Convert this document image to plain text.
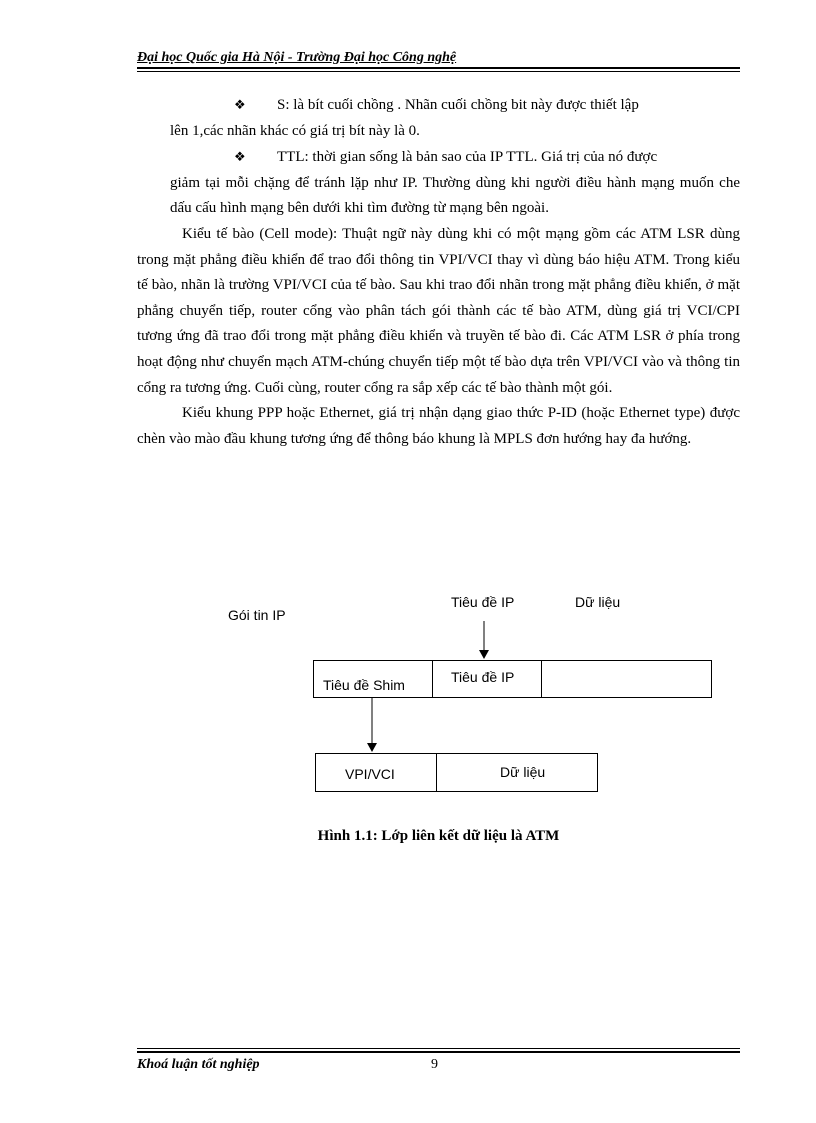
Đại học Quốc gia Hà Nội - Trường Đại học Công nghệ

❖ S: là bít cuối chồng . Nhãn cuối chồng bit này được thiết lập

lên 1,các nhãn khác có giá trị bít này là 0.

❖ TTL: thời gian sống là bản sao của IP TTL. Giá trị của nó được

giảm tại mỗi chặng để tránh lặp như IP. Thường dùng khi người điều hành mạng muốn che dấu cấu hình mạng bên dưới khi tìm đường từ mạng bên ngoài.

Kiểu tế bào (Cell mode): Thuật ngữ này dùng khi có một mạng gồm các ATM LSR dùng trong mặt phẳng điều khiển để trao đổi thông tin VPI/VCI thay vì dùng báo hiệu ATM. Trong kiểu tế bào, nhãn là trường VPI/VCI của tế bào. Sau khi trao đổi nhãn trong mặt phẳng điều khiển, ở mặt phẳng chuyển tiếp, router cổng vào phân tách gói thành các tế bào ATM, dùng giá trị VCI/CPI tương ứng đã trao đổi trong mặt phẳng điều khiển và truyền tế bào đi. Các ATM LSR ở phía trong hoạt động như chuyển mạch ATM-chúng chuyển tiếp một tế bào dựa trên VPI/VCI vào và thông tin cổng ra tương ứng. Cuối cùng, router cổng ra sắp xếp các tế bào thành một gói.

Kiểu khung PPP hoặc Ethernet, giá trị nhận dạng giao thức P-ID (hoặc Ethernet type) được chèn vào mào đầu khung tương ứng để thông báo khung là MPLS đơn hướng hay đa hướng.

Gói tin IP
Tiêu đề IP	Dữ liệu
Tiêu đề Shim	Tiêu đề IP
VPI/VCI	Dữ liệu
Hình 1.1: Lớp liên kết dữ liệu là ATM
Khoá luận tốt nghiệp	9
